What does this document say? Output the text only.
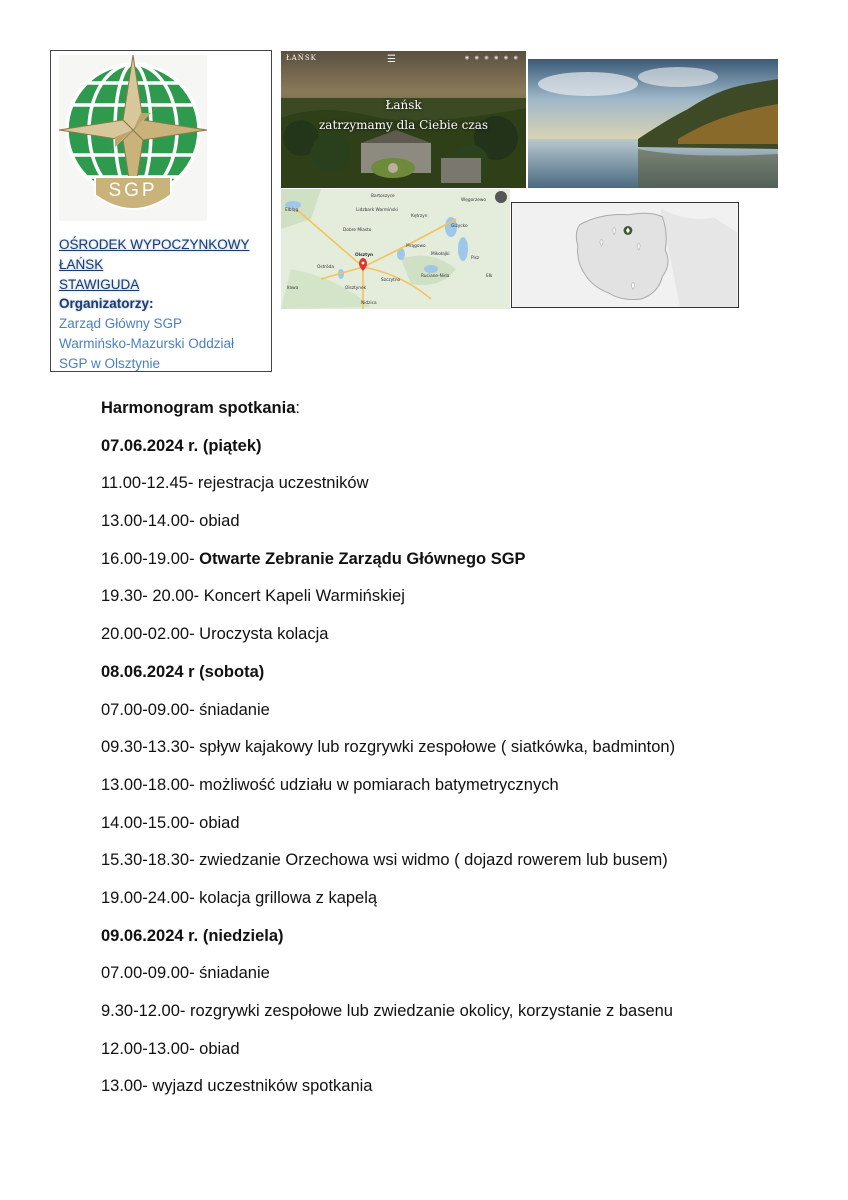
SGP
OŚRODEK WYPOCZYNKOWY
ŁAŃSK
STAWIGUDA
Organizatorzy:
Zarząd Główny SGP
Warmińsko-Mazurski Oddział
SGP w Olsztynie
ŁAŃSK	☰	◉ ◉ ◉ ◉ ◉ ◉
Łańsk
zatrzymamy dla Ciebie czas
Bartoszyce
Węgorzewo
Elbląg	Lidzbark Warmiński
Kętrzyn
Giżycko
Dobre Miasto
Mrągowo
Olsztyn	Mikołajki
Ostróda
Szczytno
Pisz
Ełk
Olsztynek
Ruciane-Nida
Iława
Nidzica
Harmonogram spotkania:
07.06.2024 r. (piątek)
11.00-12.45- rejestracja uczestników
13.00-14.00- obiad
16.00-19.00- Otwarte Zebranie Zarządu Głównego SGP
19.30- 20.00- Koncert Kapeli Warmińskiej
20.00-02.00- Uroczysta kolacja
08.06.2024 r (sobota)
07.00-09.00- śniadanie
09.30-13.30- spływ kajakowy lub rozgrywki zespołowe ( siatkówka, badminton)
13.00-18.00- możliwość udziału w pomiarach batymetrycznych
14.00-15.00- obiad
15.30-18.30- zwiedzanie Orzechowa wsi widmo ( dojazd rowerem lub busem)
19.00-24.00- kolacja grillowa z kapelą
09.06.2024 r. (niedziela)
07.00-09.00- śniadanie
9.30-12.00- rozgrywki zespołowe lub zwiedzanie okolicy, korzystanie z basenu
12.00-13.00- obiad
13.00- wyjazd uczestników spotkania
